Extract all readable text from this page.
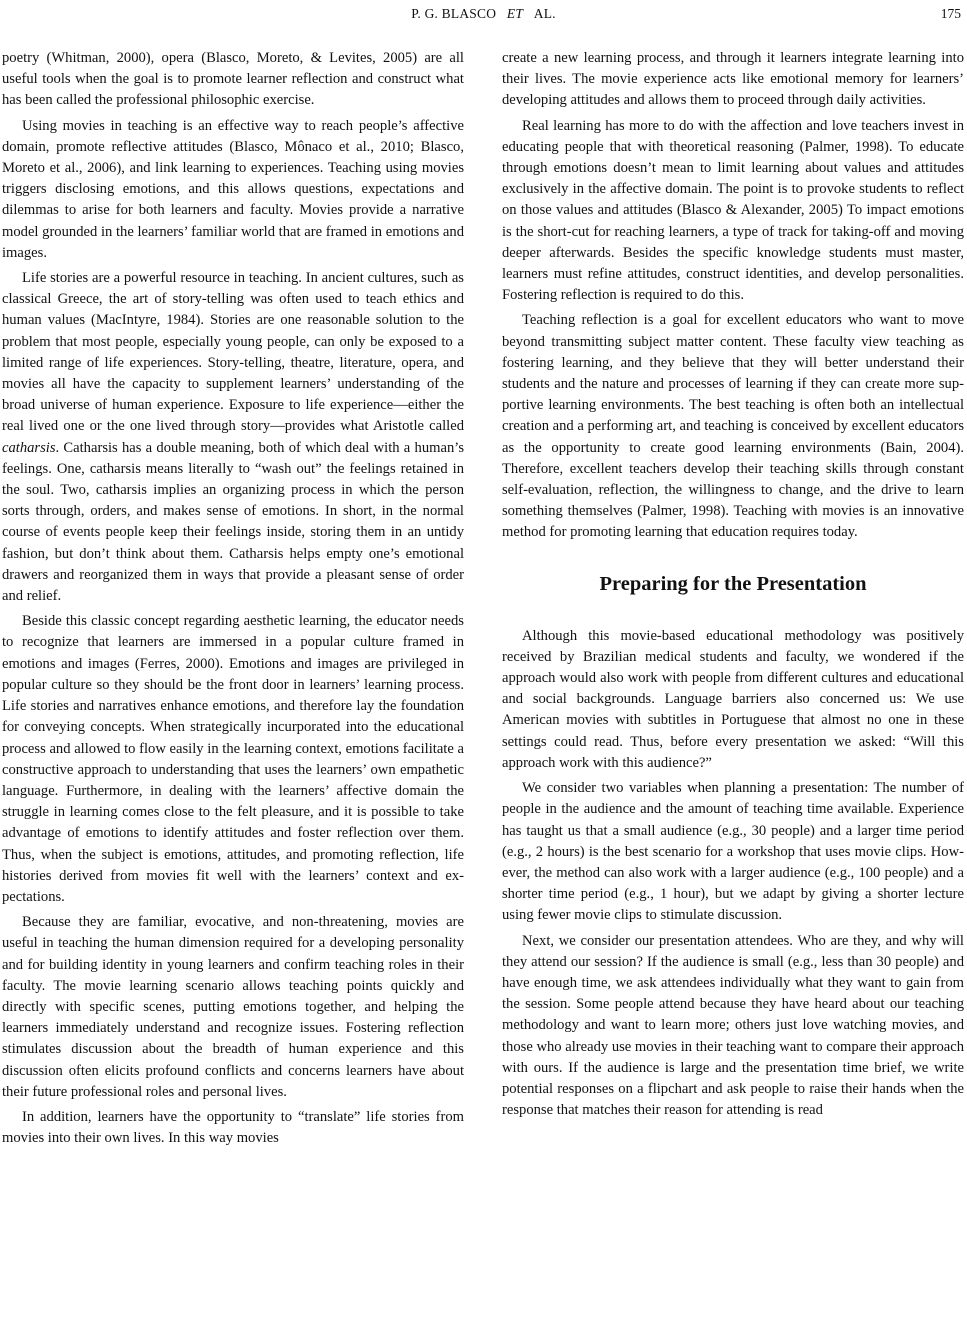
P. G. BLASCO ET AL.	175

poetry (Whitman, 2000), opera (Blasco, Moreto, & Levites, 2005) are all useful tools when the goal is to promote learner reflection and construct what has been called the professional philosophic exercise.

Using movies in teaching is an effective way to reach people’s affective domain, promote reflective attitudes (Blasco, Mônaco et al., 2010; Blasco, Moreto et al., 2006), and link learning to experiences. Teaching using movies triggers disclosing emotions, and this allows questions, expectations and dilemmas to arise for both learners and faculty. Movies provide a narrative model grounded in the learners’ familiar world that are framed in emotions and images.

Life stories are a powerful resource in teaching. In ancient cultures, such as classical Greece, the art of story-telling was often used to teach ethics and human values (MacIntyre, 1984). Stories are one reasonable solution to the problem that most people, especially young people, can only be exposed to a limited range of life experiences. Story-telling, theatre, literature, opera, and movies all have the capacity to supplement learners’ understanding of the broad universe of human experience. Exposure to life experience—either the real lived one or the one lived through story—provides what Aristotle called catharsis. Catharsis has a double meaning, both of which deal with a human’s feelings. One, catharsis means literally to “wash out” the feelings retained in the soul. Two, catharsis implies an organizing process in which the person sorts through, orders, and makes sense of emotions. In short, in the normal course of events people keep their feelings inside, storing them in an untidy fashion, but don’t think about them. Catharsis helps empty one’s emotional drawers and reorganized them in ways that provide a pleasant sense of order and relief.

Beside this classic concept regarding aesthetic learning, the educator needs to recognize that learners are immersed in a popular culture framed in emotions and images (Ferres, 2000). Emotions and images are privileged in popular culture so they should be the front door in learners’ learning process. Life stories and narratives enhance emotions, and therefore lay the foundation for conveying concepts. When strategically incurporated into the educational process and allowed to flow easily in the learning context, emotions facilitate a constructive approach to understanding that uses the learners’ own empathetic language. Furthermore, in dealing with the learners’ affective domain the struggle in learning comes close to the felt pleasure, and it is possible to take advantage of emotions to identify attitudes and foster reflection over them. Thus, when the subject is emotions, attitudes, and promoting reflection, life histories derived from movies fit well with the learners’ context and expectations.

Because they are familiar, evocative, and non-threatening, movies are useful in teaching the human dimension required for a developing personality and for building identity in young learners and confirm teaching roles in their faculty. The movie learning scenario allows teaching points quickly and directly with specific scenes, putting emotions together, and helping the learners immediately understand and recognize issues. Fostering reflection stimulates discussion about the breadth of human experience and this discussion often elicits profound conflicts and concerns learners have about their future professional roles and personal lives.

In addition, learners have the opportunity to “translate” life stories from movies into their own lives. In this way movies

create a new learning process, and through it learners integrate learning into their lives. The movie experience acts like emotional memory for learners’ developing attitudes and allows them to proceed through daily activities.

Real learning has more to do with the affection and love teachers invest in educating people that with theoretical reasoning (Palmer, 1998). To educate through emotions doesn’t mean to limit learning about values and attitudes exclusively in the affective domain. The point is to provoke students to reflect on those values and attitudes (Blasco & Alexander, 2005) To impact emotions is the short-cut for reaching learners, a type of track for taking-off and moving deeper afterwards. Besides the specific knowledge students must master, learners must refine attitudes, construct identities, and develop personalities. Fostering reflection is required to do this.

Teaching reflection is a goal for excellent educators who want to move beyond transmitting subject matter content. These faculty view teaching as fostering learning, and they believe that they will better understand their students and the nature and processes of learning if they can create more supportive learning environments. The best teaching is often both an intellectual creation and a performing art, and teaching is conceived by excellent educators as the opportunity to create good learning environments (Bain, 2004). Therefore, excellent teachers develop their teaching skills through constant self-evaluation, reflection, the willingness to change, and the drive to learn something themselves (Palmer, 1998). Teaching with movies is an innovative method for promoting learning that education requires today.

Preparing for the Presentation

Although this movie-based educational methodology was positively received by Brazilian medical students and faculty, we wondered if the approach would also work with people from different cultures and educational and social backgrounds. Language barriers also concerned us: We use American movies with subtitles in Portuguese that almost no one in these settings could read. Thus, before every presentation we asked: “Will this approach work with this audience?”

We consider two variables when planning a presentation: The number of people in the audience and the amount of teaching time available. Experience has taught us that a small audience (e.g., 30 people) and a larger time period (e.g., 2 hours) is the best scenario for a workshop that uses movie clips. However, the method can also work with a larger audience (e.g., 100 people) and a shorter time period (e.g., 1 hour), but we adapt by giving a shorter lecture using fewer movie clips to stimulate discussion.

Next, we consider our presentation attendees. Who are they, and why will they attend our session? If the audience is small (e.g., less than 30 people) and have enough time, we ask attendees individually what they want to gain from the session. Some people attend because they have heard about our teaching methodology and want to learn more; others just love watching movies, and those who already use movies in their teaching want to compare their approach with ours. If the audience is large and the presentation time brief, we write potential responses on a flipchart and ask people to raise their hands when the response that matches their reason for attending is read
